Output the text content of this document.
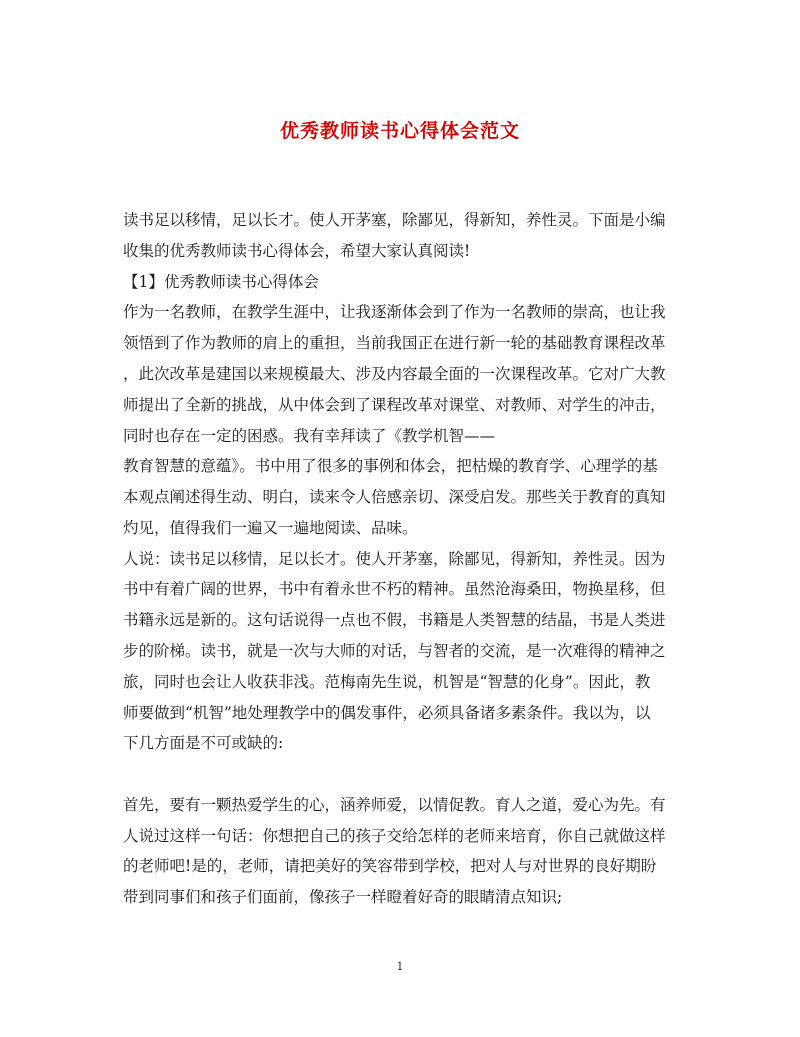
优秀教师读书心得体会范文
读书足以移情，足以长才。使人开茅塞，除鄙见，得新知，养性灵。下面是小编
收集的优秀教师读书心得体会，希望大家认真阅读!
【1】优秀教师读书心得体会
作为一名教师，在教学生涯中，让我逐渐体会到了作为一名教师的崇高，也让我
领悟到了作为教师的肩上的重担，当前我国正在进行新一轮的基础教育课程改革
，此次改革是建国以来规模最大、涉及内容最全面的一次课程改革。它对广大教
师提出了全新的挑战，从中体会到了课程改革对课堂、对教师、对学生的冲击，
同时也存在一定的困惑。我有幸拜读了《教学机智——
教育智慧的意蕴》。书中用了很多的事例和体会，把枯燥的教育学、心理学的基
本观点阐述得生动、明白，读来令人倍感亲切、深受启发。那些关于教育的真知
灼见，值得我们一遍又一遍地阅读、品味。
人说：读书足以移情，足以长才。使人开茅塞，除鄙见，得新知，养性灵。因为
书中有着广阔的世界，书中有着永世不朽的精神。虽然沧海桑田，物换星移，但
书籍永远是新的。这句话说得一点也不假，书籍是人类智慧的结晶，书是人类进
步的阶梯。读书，就是一次与大师的对话，与智者的交流，是一次难得的精神之
旅，同时也会让人收获非浅。范梅南先生说，机智是“智慧的化身”。因此，教
师要做到“机智”地处理教学中的偶发事件，必须具备诸多素条件。我以为，以
下几方面是不可或缺的:
首先，要有一颗热爱学生的心，涵养师爱，以情促教。育人之道，爱心为先。有
人说过这样一句话：你想把自己的孩子交给怎样的老师来培育，你自己就做这样
的老师吧!是的，老师，请把美好的笑容带到学校，把对人与对世界的良好期盼
带到同事们和孩子们面前，像孩子一样瞪着好奇的眼睛清点知识;
1
